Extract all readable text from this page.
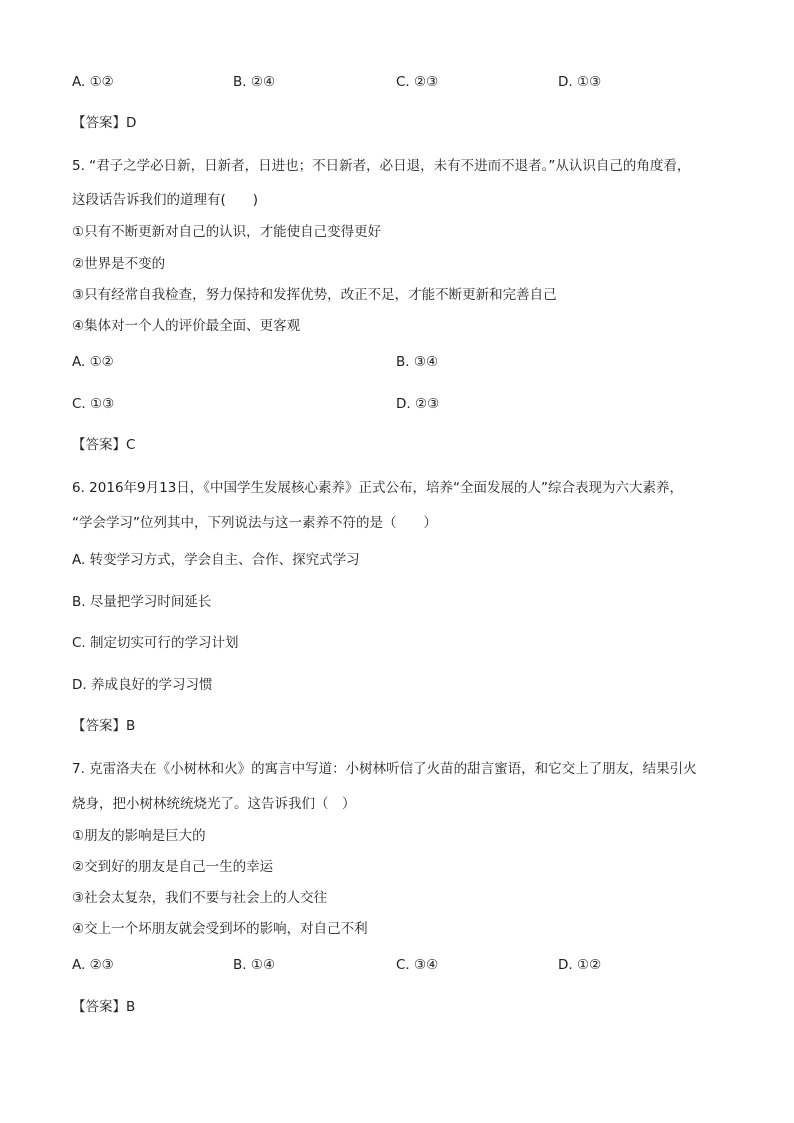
A. ①②	B. ②④	C. ②③	D. ①③
【答案】D
5. “君子之学必日新，日新者，日进也；不日新者，必日退，未有不进而不退者。”从认识自己的角度看，
这段话告诉我们的道理有(　　)
①只有不断更新对自己的认识，才能使自己变得更好
②世界是不变的
③只有经常自我检查，努力保持和发挥优势，改正不足，才能不断更新和完善自己
④集体对一个人的评价最全面、更客观
A. ①②	B. ③④
C. ①③	D. ②③
【答案】C
6. 2016年9月13日，《中国学生发展核心素养》正式公布，培养“全面发展的人”综合表现为六大素养，
“学会学习”位列其中，下列说法与这一素养不符的是（　　）
A. 转变学习方式，学会自主、合作、探究式学习
B. 尽量把学习时间延长
C. 制定切实可行的学习计划
D. 养成良好的学习习惯
【答案】B
7. 克雷洛夫在《小树林和火》的寓言中写道：小树林听信了火苗的甜言蜜语，和它交上了朋友，结果引火
烧身，把小树林统统烧光了。这告诉我们（　）
①朋友的影响是巨大的
②交到好的朋友是自己一生的幸运
③社会太复杂，我们不要与社会上的人交往
④交上一个坏朋友就会受到坏的影响，对自己不利
A. ②③	B. ①④	C. ③④	D. ①②
【答案】B
